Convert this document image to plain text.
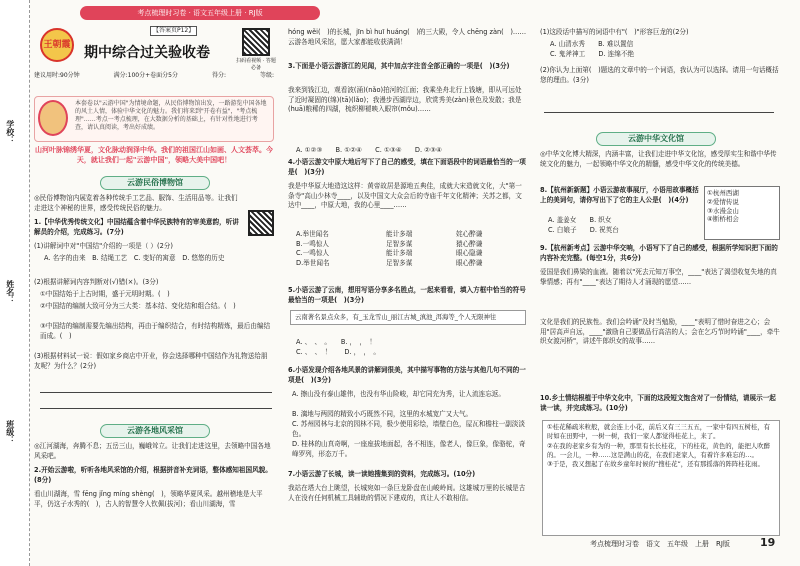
学校：
姓名：
班级：
考点梳理时习卷 · 语文五年级上册 · RJ版
王朝霞
【答案页P12】
期中综合过关验收卷	扫码看视频 · 答题必备
建议用时:90分钟	满分:100分+卷面分5分	得分:	等级:
本套卷以"云游中国"为情境命题，从民俗博物馆出发，一路游览中国各地的风土人情，体验中华文化的魅力。我们将来到"开卷有益"，"考点梳理"……考点一考点梳理，在大数据分析的基础上，有针对性地进行考查，请认真阅读，考出好成绩。
山河叶脉锦绣华夏，文化脉动润泽中华。我们的祖国江山如画、人文荟萃。今天，就让我们一起"云游中国"，领略大美中国吧！
云游民俗博物馆
◎民俗博物馆内展览着各种传统手工艺品、服饰、生活用品等。让我们走进这个神秘的世界，感受传统民俗的魅力。
1.【中华优秀传统文化】中国结蕴含着中华民族特有的审美意韵，听讲解员的介绍，完成练习。(7分)
(1)讲解词中对"中国结"介绍的一项是（ ）(2分)
A. 名字的由来　B. 结绳工艺　C. 变好的寓意　D. 悠悠的历史
(2)根据讲解词内容判断对(√)错(×)。(3分)
①中国结始于上古时期，盛于元明时期。(　)
②中国结的编制大致可分为三大类：基本结、变化结和组合结。(　)
③中国结的编制需要先编出结构，再由于编织结合，有时结构精炼，最后由编结而成。(　)
(3)根据材料试一说：假如家乡商店中开业，你会选择哪种中国结作为礼物送给朋友呢？为什么？(2分)
云游各地风采馆
◎江河湖海，奔腾不息；五岳三山，巍峨耸立。让我们走进这里，去领略中国各地风采吧。
2.开始云游啦，听听各地风采馆的介绍，根据拼音补充词语，整体感知祖国风貌。(8分)
看山川湖海，雪 fēng jǐng míng shèng(　)，领略华夏风采。越州稽地是大平平，仍这子水秀的(　)，古人的智慧令人钦佩(拔河)；看山川湖海，雪
hóng wěi(　)的长城，jīn bì huī huáng(　)的三大殿，令人 chēng zàn(　)……云游各地风采馆，愿大家都能收获满满！
3.下面是小语云游浙江的见闻，其中加点字注音全部正确的一项是(　)(3分)
我来到钱江边，观看波(涌)(nǎo)拍河的江面；我乘坐舟北行上钱塘，即从可远处了近时凝固的(绵)(tā)(lǎo)；我漫步西湖岸边，欣赏秀美(zàn)景色及发散；我是(huā)粮稀的四湖，梳织柳褪映入眼帘(mǒu)……
A. ①②③　　B. ①②④　　C. ①③④　　D. ②③④
4.小语云游文中原大地后写下了自己的感受，填在下面语段中的词语最恰当的一项是(　)(3分)
我是中华原大地造这这样：黄帝故居是源地五典佳，成就大宋造就文化，大"第一条寺"高山少林寺____，以及中国文大众会后的寺庙千年文化精神；关苏之都，文达中____，中原大地，我的心里____……
A.举世闻名	能计多端	姹心醉谦
B.一鸣惊人	足智多谋	猿心醉谦
C.一鸣惊人	能计多端	眼心隐谦
D.举世闻名	足智多谋	眼心醉谦
5.小语云游了云南，想用写语分享多名胜点，一起来看看，填入方框中恰当的符号最恰当的一项是(　)(3分)
云南著名景点众多，有_玉龙雪山_丽江古城_滇池_洱海等_个人无限神往
A. 、　、　。　　B. ，　，　！
C. 、　、　！　　D. ，　，　。
6.小语发现介绍各地风景的讲解词很美，其中描写事物的方法与其他几句不同的一项是(　)(3分)
A. 擦山没有泰山雄伟，也没有华山险峻，却它同充为秀，让人流连忘返。
B. 漓地与两园的精致小巧既然不同，这里的水城宽广又大气。
C. 苏州园林与北京的园林不同，极少使用彩绘，墙壁白色，屋瓦和檐柱一副淡淡色。
D. 桂林的山真奇啊，一座座拔地面起，各不相连，像老人，像巨象，像骆驼，奇峰罗列，形态万千。
7.小语云游了长城，读一读她搜集到的资料，完成练习。(10分)
我站在塔大台上眺望，长城宛如一条巨龙卧盘在山峻岭间。这雄城万里的长城是古人在没有任何机械工具辅助的情况下建成的，真让人不敢相信。
(1)这段话中描写的词语中有"(　)"形容巨龙的(2分)
A. 山清水秀　　B. 难以置信
C. 鬼斧神工　　D. 连绵不绝
(2)你认为上面第(　)题选的文章中的一个词语，我认为可以选择。请用一句话概括您的理由。(3分)
云游中华文化馆
◎中华文化博大精深，内涵丰富，让我们走进中华文化馆，感受厚实生和谐中华传统文化的魅力，一起领略中华文化的精髓，感受中华文化的传统美德。
8.【杭州新新题】小语云游故事展厅，小语用故事概括上的美词句，请你写出下了它的主人公是(　)(4分)
A. 盖姜女　　B. 织女
C. 白娘子　　D. 祝英台
①杭州西湖
②爱情传说
③水漫金山
④断桥相会
9.【杭州新考点】云游中华交响，小语写下了自己的感受，根据所学知识把下面的内容补充完整。(每空1分，共6分)
爱国是我们鼻梁的血液。随着以"死去元知万事空，____"表达了渴望收复失地的真挚情感；再有"____"表达了期待人才涌现的愿望……
文化是我们的民族性。我们会吟诵"及时当勉励，____"表明了惜时奋进之心；会用"居高声自远，____"激励自己要做品行高洁的人；会在乞巧节时吟诵"____，牵牛织女渡河桥"，讲述牛郎织女的故事……
10.乡土情结根植于中华文化中，下面的这段短文饱含对了一份情结，请展示一起读一读，并完成练习。(10分)
①桂花稀疏米粒般，就会连上小花，前后又有三三五五，一家中有四五树桂，有时如在田野中，一树一树，我们一家人都觉得桂花上，来了。
②在我的老家乡有为的一种，那里有长长桂花，下的桂花，黄色的，能把人吹醉的。一会儿，一种……这是满山的花，在我们老家人，有着许多难忘的…。
③于是，我又想起了在故乡童年时候的“搜桂花”，还有那摇落的阵阵桂花雨。
考点梳理时习卷　语文　五年级　上册　RJ版	19
